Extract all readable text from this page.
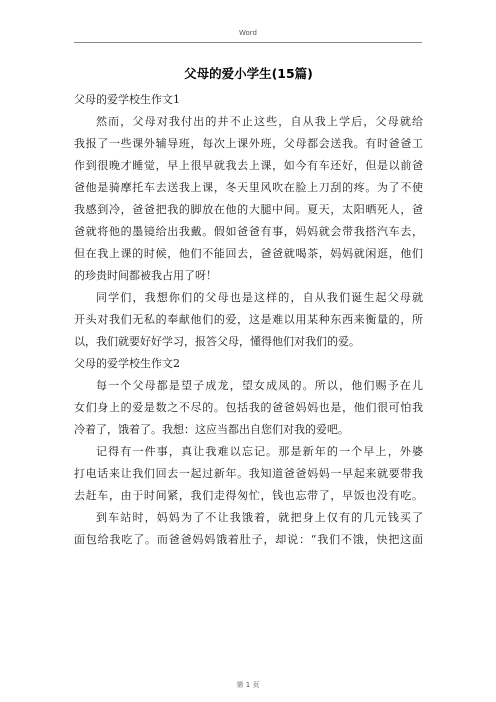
Word
父母的爱小学生(15篇)

父母的爱学校生作文1

然而，父母对我付出的并不止这些，自从我上学后，父母就给
我报了一些课外辅导班，每次上课外班，父母都会送我。有时爸爸工
作到很晚才睡觉，早上很早就我去上课，如今有车还好，但是以前爸
爸他是骑摩托车去送我上课，冬天里风吹在脸上刀刮的疼。为了不使
我感到冷，爸爸把我的脚放在他的大腿中间。夏天，太阳晒死人，爸
爸就将他的墨镜给出我戴。假如爸爸有事，妈妈就会带我搭汽车去，
但在我上课的时候，他们不能回去，爸爸就喝茶，妈妈就闲逛，他们
的珍贵时间都被我占用了呀！

同学们，我想你们的父母也是这样的，自从我们诞生起父母就
开头对我们无私的奉献他们的爱，这是难以用某种东西来衡量的，所
以，我们就要好好学习，报答父母，懂得他们对我们的爱。

父母的爱学校生作文2

每一个父母都是望子成龙，望女成凤的。所以，他们赐予在儿
女们身上的爱是数之不尽的。包括我的爸爸妈妈也是，他们很可怕我
冷着了，饿着了。我想：这应当都出自您们对我的爱吧。

记得有一件事，真让我难以忘记。那是新年的一个早上，外婆
打电话来让我们回去一起过新年。我知道爸爸妈妈一早起来就要带我
去赶车，由于时间紧，我们走得匆忙，钱也忘带了，早饭也没有吃。

到车站时，妈妈为了不让我饿着，就把身上仅有的几元钱买了
面包给我吃了。而爸爸妈妈饿着肚子，却说：“我们不饿，快把这面

第 1 页
